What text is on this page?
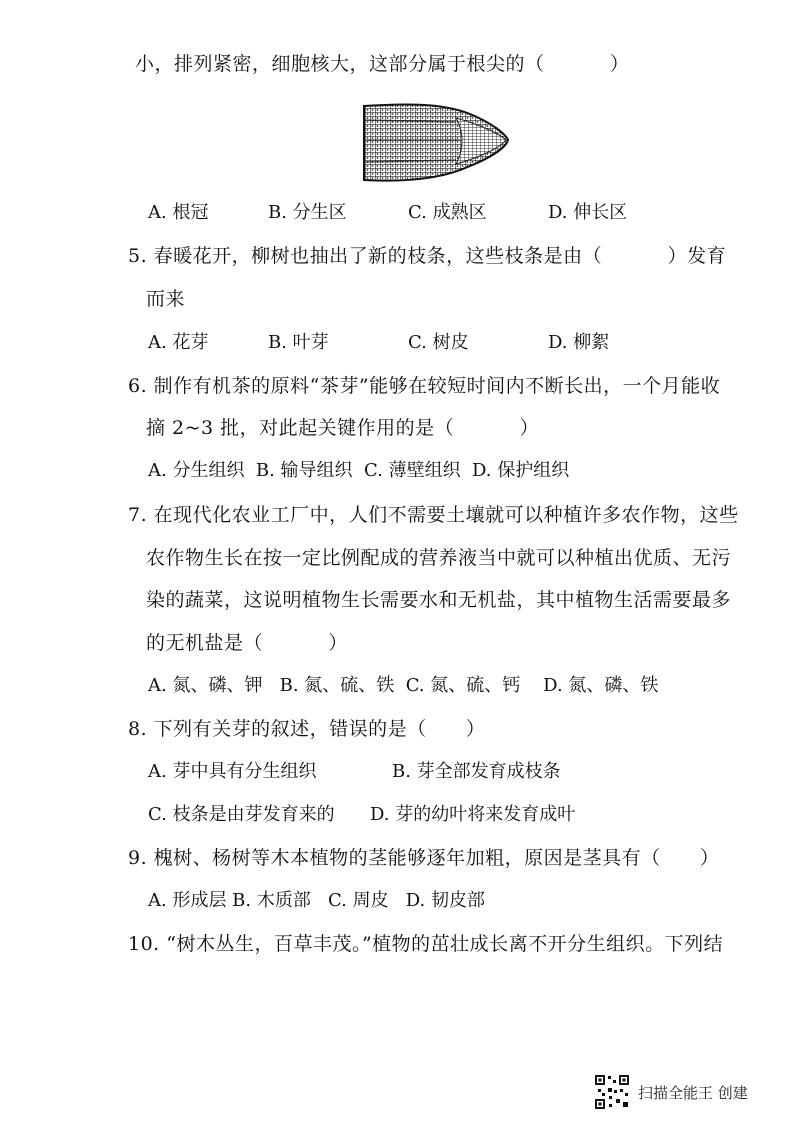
小，排列紧密，细胞核大，这部分属于根尖的（          ）
A. 根冠	B. 分生区	C. 成熟区	D. 伸长区
5. 春暖花开，柳树也抽出了新的枝条，这些枝条是由（          ）发育
而来
A. 花芽	B. 叶芽	C. 树皮	D. 柳絮
6. 制作有机茶的原料“茶芽”能够在较短时间内不断长出，一个月能收
摘 2~3 批，对此起关键作用的是（          ）
A. 分生组织  B. 输导组织  C. 薄壁组织  D. 保护组织
7. 在现代化农业工厂中，人们不需要土壤就可以种植许多农作物，这些
农作物生长在按一定比例配成的营养液当中就可以种植出优质、无污
染的蔬菜，这说明植物生长需要水和无机盐，其中植物生活需要最多
的无机盐是（          ）
A. 氮、磷、钾   B. 氮、硫、铁  C. 氮、硫、钙    D. 氮、磷、铁
8. 下列有关芽的叙述，错误的是（      ）
A. 芽中具有分生组织	B. 芽全部发育成枝条
C. 枝条是由芽发育来的 D. 芽的幼叶将来发育成叶
9. 槐树、杨树等木本植物的茎能够逐年加粗，原因是茎具有（      ）
A. 形成层 B. 木质部   C. 周皮   D. 韧皮部
10. “树木丛生，百草丰茂。”植物的茁壮成长离不开分生组织。下列结
扫描全能王 创建
